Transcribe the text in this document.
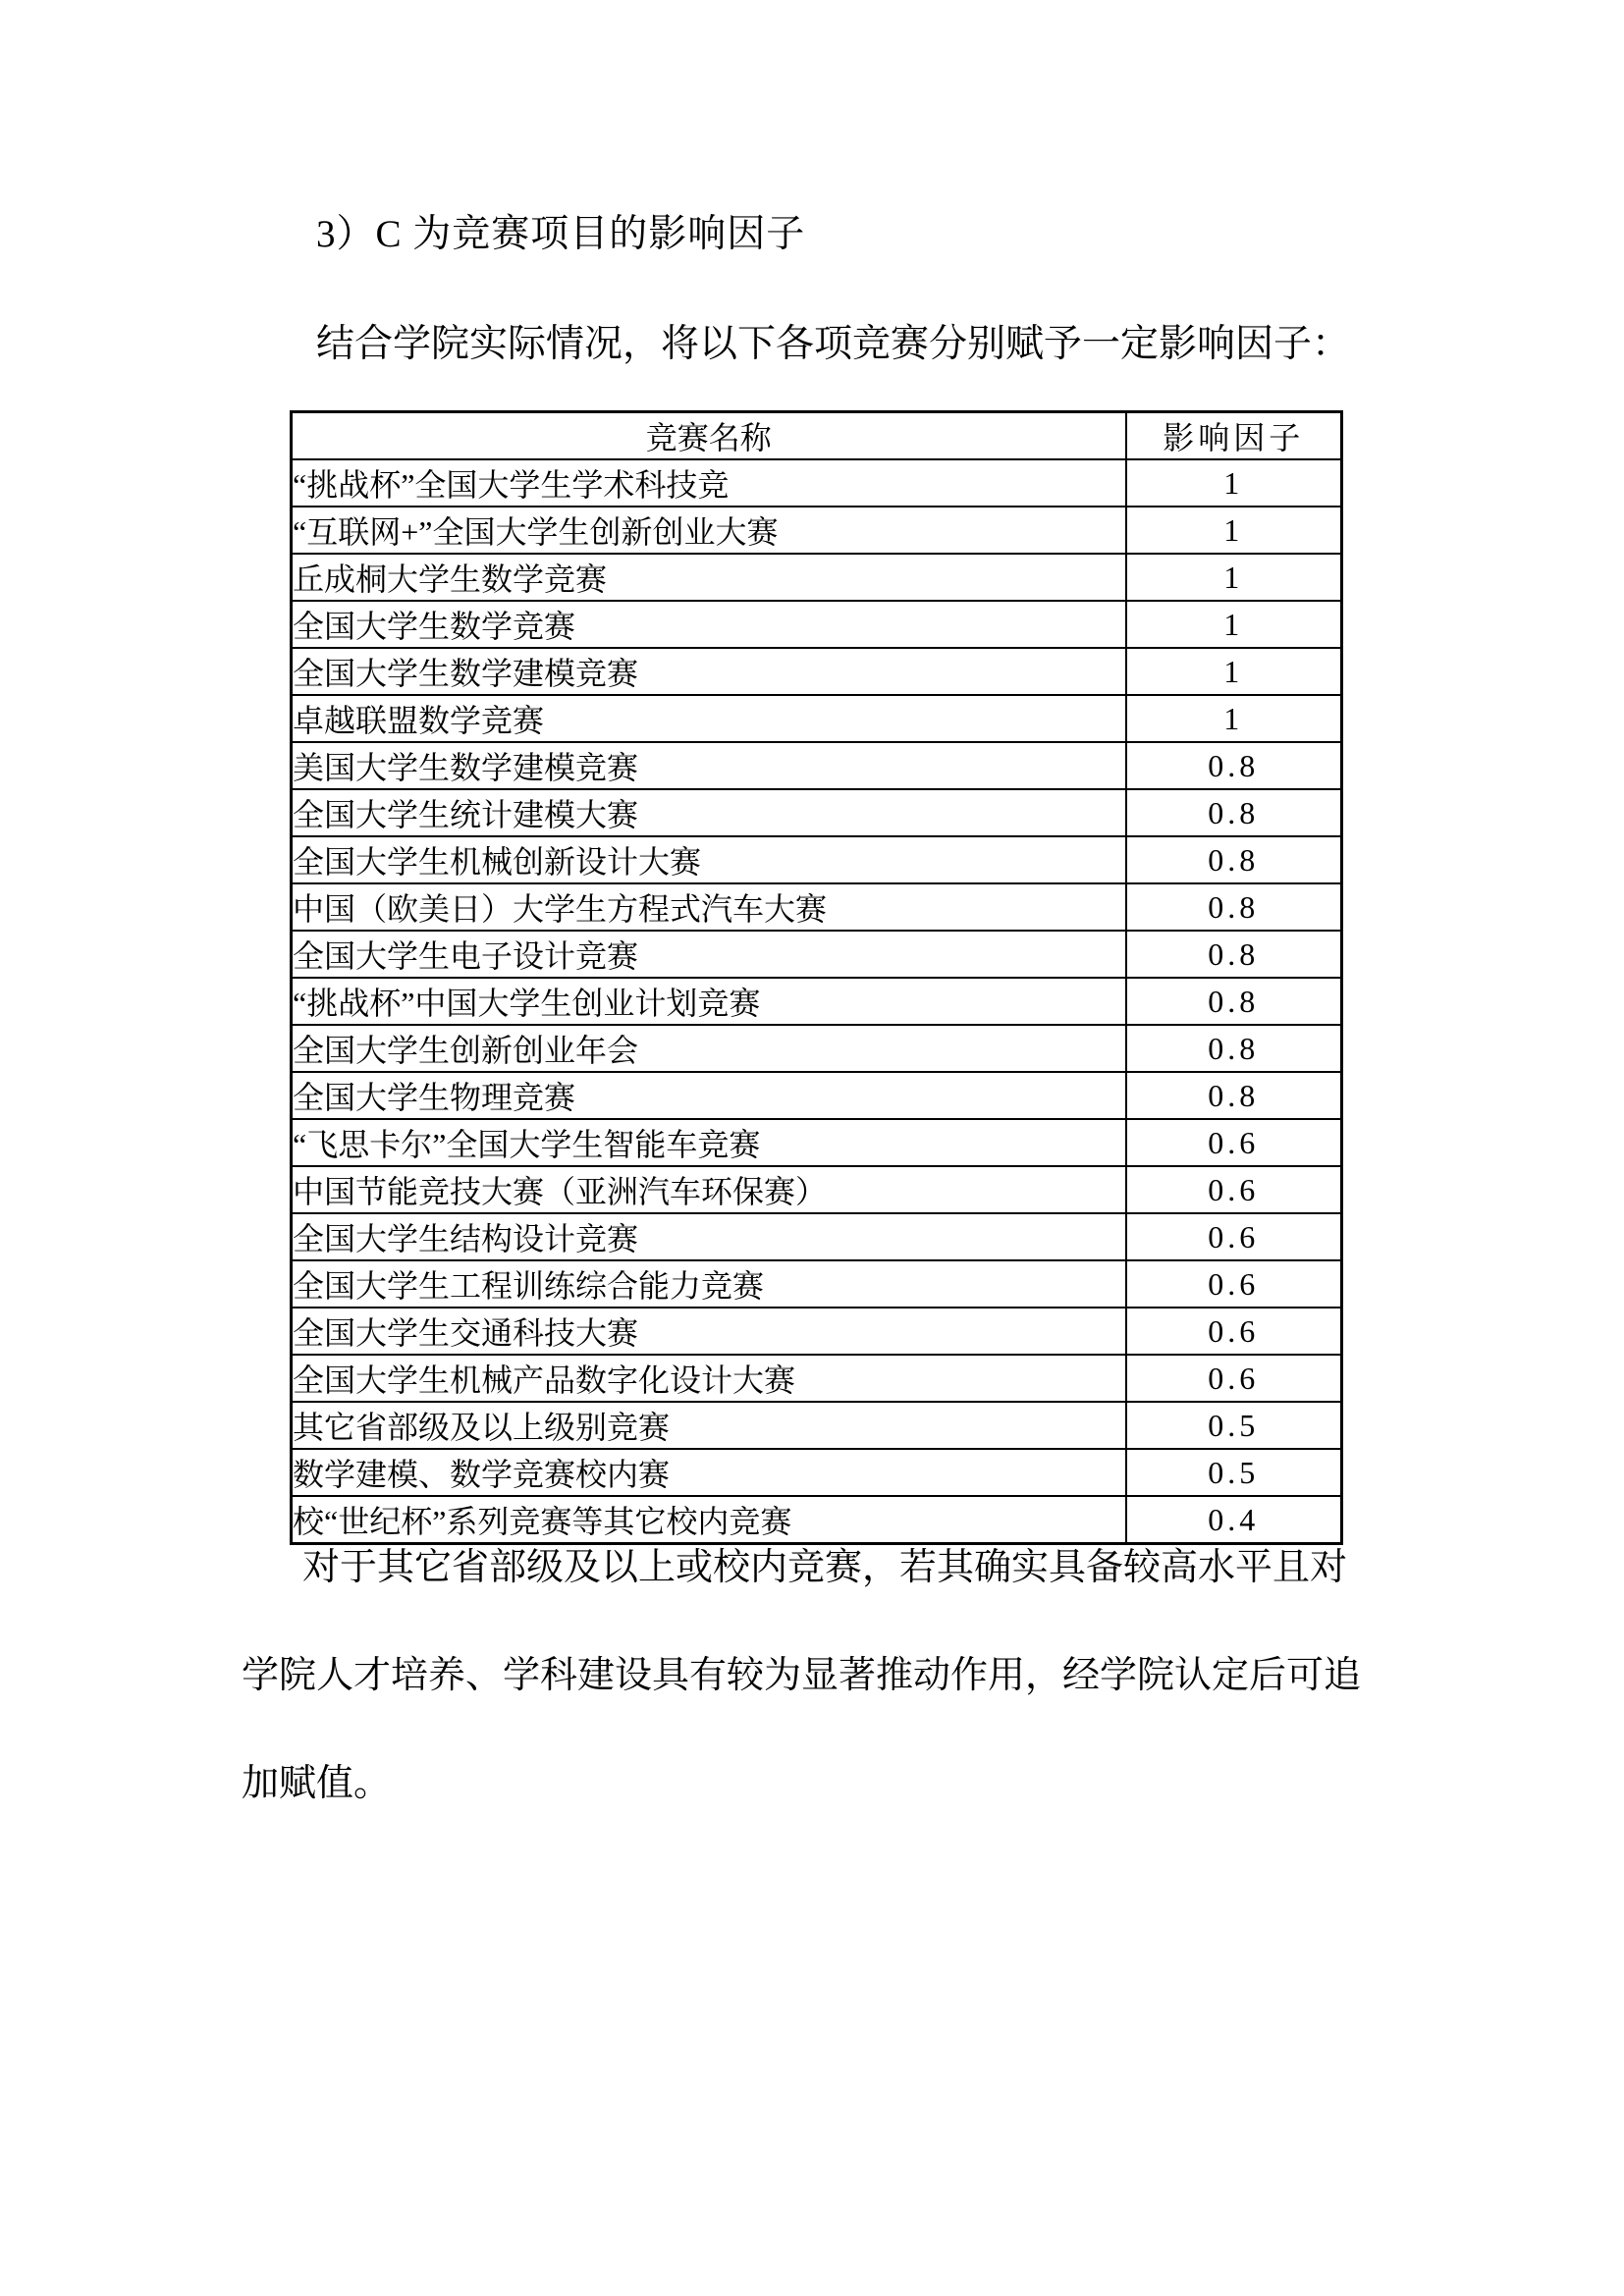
3）C 为竞赛项目的影响因子
结合学院实际情况，将以下各项竞赛分别赋予一定影响因子：
竞赛名称	影响因子
“挑战杯”全国大学生学术科技竞	1
“互联网+”全国大学生创新创业大赛	1
丘成桐大学生数学竞赛	1
全国大学生数学竞赛	1
全国大学生数学建模竞赛	1
卓越联盟数学竞赛	1
美国大学生数学建模竞赛	0.8
全国大学生统计建模大赛	0.8
全国大学生机械创新设计大赛	0.8
中国（欧美日）大学生方程式汽车大赛	0.8
全国大学生电子设计竞赛	0.8
“挑战杯”中国大学生创业计划竞赛	0.8
全国大学生创新创业年会	0.8
全国大学生物理竞赛	0.8
“飞思卡尔”全国大学生智能车竞赛	0.6
中国节能竞技大赛（亚洲汽车环保赛）	0.6
全国大学生结构设计竞赛	0.6
全国大学生工程训练综合能力竞赛	0.6
全国大学生交通科技大赛	0.6
全国大学生机械产品数字化设计大赛	0.6
其它省部级及以上级别竞赛	0.5
数学建模、数学竞赛校内赛	0.5
校“世纪杯”系列竞赛等其它校内竞赛	0.4
对于其它省部级及以上或校内竞赛，若其确实具备较高水平且对
学院人才培养、学科建设具有较为显著推动作用，经学院认定后可追
加赋值。
